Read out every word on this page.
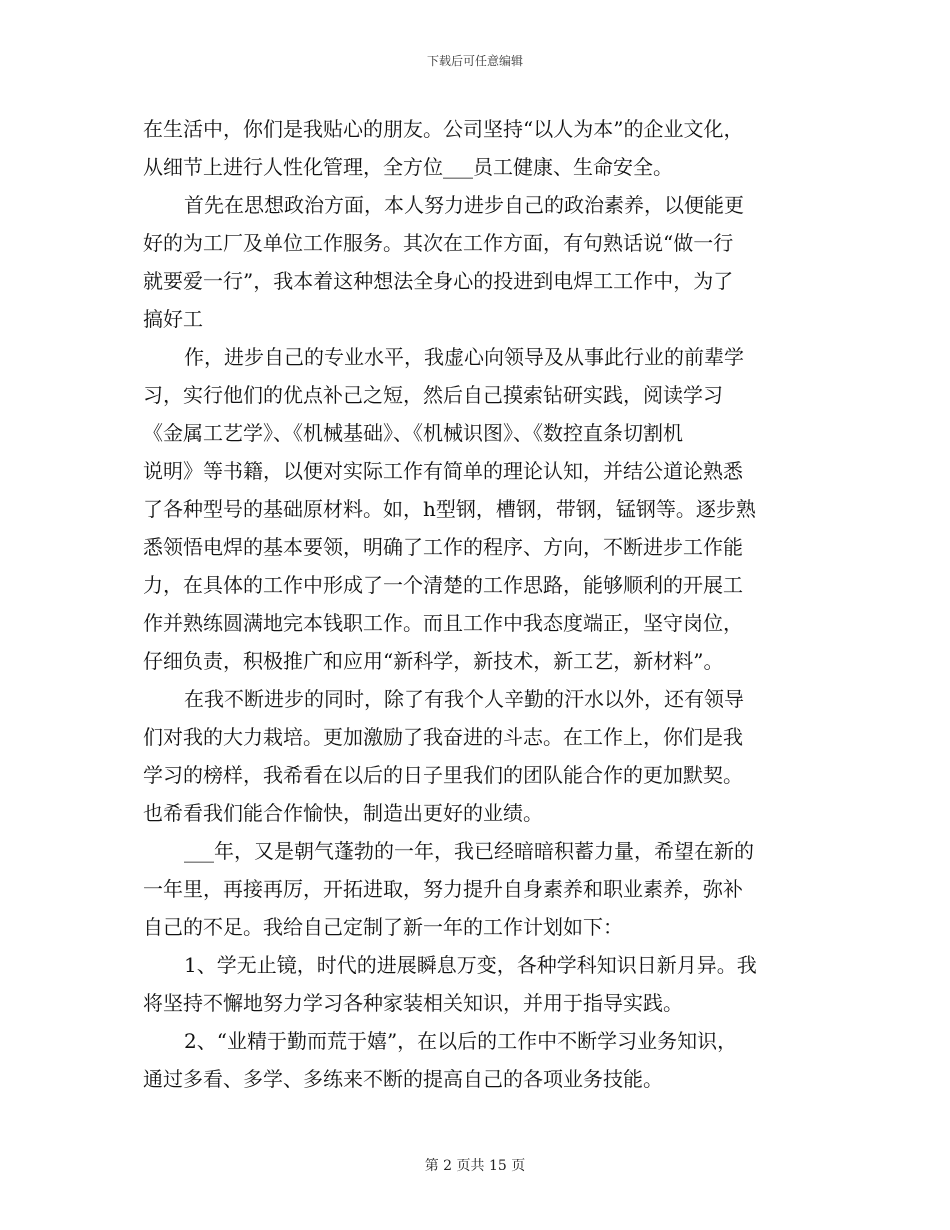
下载后可任意编辑
在生活中，你们是我贴心的朋友。公司坚持“以人为本”的企业文化，
从细节上进行人性化管理，全方位___员工健康、生命安全。
首先在思想政治方面，本人努力进步自己的政治素养，以便能更
好的为工厂及单位工作服务。其次在工作方面，有句熟话说“做一行
就要爱一行”，我本着这种想法全身心的投进到电焊工工作中，为了
搞好工
作，进步自己的专业水平，我虚心向领导及从事此行业的前辈学
习，实行他们的优点补己之短，然后自己摸索钻研实践，阅读学习
《金属工艺学》、《机械基础》、《机械识图》、《数控直条切割机
说明》等书籍，以便对实际工作有简单的理论认知，并结公道论熟悉
了各种型号的基础原材料。如，h型钢，槽钢，带钢，锰钢等。逐步熟
悉领悟电焊的基本要领，明确了工作的程序、方向，不断进步工作能
力，在具体的工作中形成了一个清楚的工作思路，能够顺利的开展工
作并熟练圆满地完本钱职工作。而且工作中我态度端正，坚守岗位，
仔细负责，积极推广和应用“新科学，新技术，新工艺，新材料”。
在我不断进步的同时，除了有我个人辛勤的汗水以外，还有领导
们对我的大力栽培。更加激励了我奋进的斗志。在工作上，你们是我
学习的榜样，我希看在以后的日子里我们的团队能合作的更加默契。
也希看我们能合作愉快，制造出更好的业绩。
___年，又是朝气蓬勃的一年，我已经暗暗积蓄力量，希望在新的
一年里，再接再厉，开拓进取，努力提升自身素养和职业素养，弥补
自己的不足。我给自己定制了新一年的工作计划如下：
1、学无止镜，时代的进展瞬息万变，各种学科知识日新月异。我
将坚持不懈地努力学习各种家装相关知识，并用于指导实践。
2、“业精于勤而荒于嬉”，在以后的工作中不断学习业务知识，
通过多看、多学、多练来不断的提高自己的各项业务技能。
第 2 页共 15 页
